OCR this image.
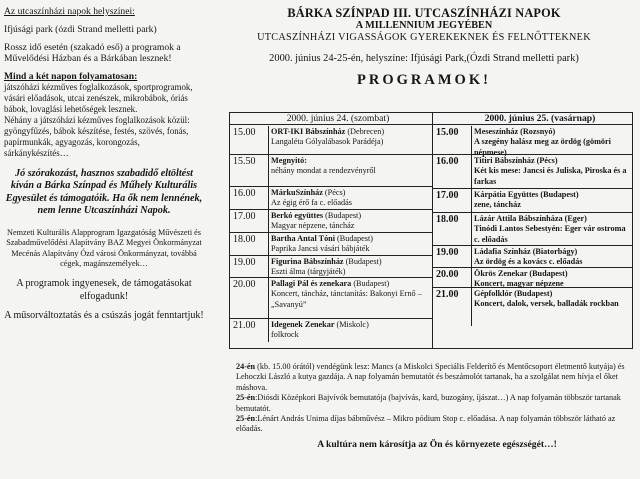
Az utcaszínházi napok helyszínei:

Ifjúsági park (ózdi Strand melletti park)

Rossz idő esetén (szakadó eső) a programok a Művelődési Házban és a Bárkában lesznek!

Mind a két napon folyamatosan:

játszóházi kézműves foglalkozások, sportprogramok, vásári előadások, utcai zenészek, mikrobábok, óriás bábok, lovaglási lehetőségek lesznek.

Néhány a játszóházi kézműves foglalkozások közül: gyöngyfűzés, bábok készítése, festés, szövés, fonás, papírmunkák, agyagozás, korongozás, sárkánykészítés…

Jó szórakozást, hasznos szabadidő eltöltést kíván a Bárka Színpad és Műhely Kulturális Egyesület és támogatóik. Ha ők nem lennének, nem lenne Utcaszínházi Napok.

Nemzeti Kulturális Alapprogram Igazgatóság Művészeti és Szabadművelődési Alapítvány BAZ Megyei Önkormányzat Mecénás Alapítvány Ózd városi Önkormányzat, továbbá cégek, magánszemélyek…

A programok ingyenesek, de támogatásokat elfogadunk!

A műsorváltoztatás és a csúszás jogát fenntartjuk!

BÁRKA SZÍNPAD III. UTCASZÍNHÁZI NAPOK
A MILLENNIUM JEGYÉBEN
UTCASZÍNHÁZI VIGASSÁGOK GYEREKEKNEK ÉS FELNŐTTEKNEK
2000. június 24-25-én, helyszíne: Ifjúsági Park,(Ózdi Strand melletti park)
PROGRAMOK!
2000. június 24. (szombat)
15.00	ORT-IKI Bábszínház (Debrecen)
Langaléta Gólyalábasok Parádéja)
15.50	Megnyitó:
néhány mondat a rendezvényről
16.00	MárkuSzínház (Pécs)
Az égig érő fa c. előadás
17.00	Berkó együttes (Budapest)
Magyar népzene, táncház
18.00	Bartha Antal Tóni (Budapest)
Paprika Jancsi vásári bábjáték
19.00	Figurina Bábszínház (Budapest)
Eszti álma (tárgyjáték)
20.00	Pallagi Pál és zenekara (Budapest)
Koncert, táncház, tánctanítás: Bakonyi Ernő – „Savanyú”
21.00	Idegenek Zenekar (Miskolc)
folkrock
2000. június 25. (vasárnap)
15.00	Meseszínház (Rozsnyó)
A szegény halász meg az ördög (gömöri népmese)
16.00	Titiri Bábszínház (Pécs)
Két kis mese: Jancsi és Juliska, Piroska és a farkas
17.00	Kárpátia Együttes (Budapest)
zene, táncház
18.00	Lázár Attila Bábszínháza (Eger)
Tinódi Lantos Sebestyén: Eger vár ostroma c. előadás
19.00	Ládafia Színház (Biatorbágy)
Az ördög és a kovács c. előadás
20.00	Ökrös Zenekar (Budapest)
Koncert, magyar népzene
21.00	Gépfolklór (Budapest)
Koncert, dalok, versek, balladák rockban

24-én (kb. 15.00 órától) vendégünk lesz: Mancs (a Miskolci Speciális Felderítő és Mentőcsoport életmentő kutyája) és Lehoczki László a kutya gazdája. A nap folyamán bemutatót és beszámolót tartanak, ha a szolgálat nem hívja el őket máshova.

25-én:Diósdi Középkori Bajvívók bemutatója (bajvívás, kard, buzogány, íjászat…) A nap folyamán többször tartanak bemutatót.

25-én:Lénárt András Unima díjas bábművész – Mikro pódium Stop c. előadása. A nap folyamán többször látható az előadás.

A kultúra nem károsítja az Ön és környezete egészségét…!
